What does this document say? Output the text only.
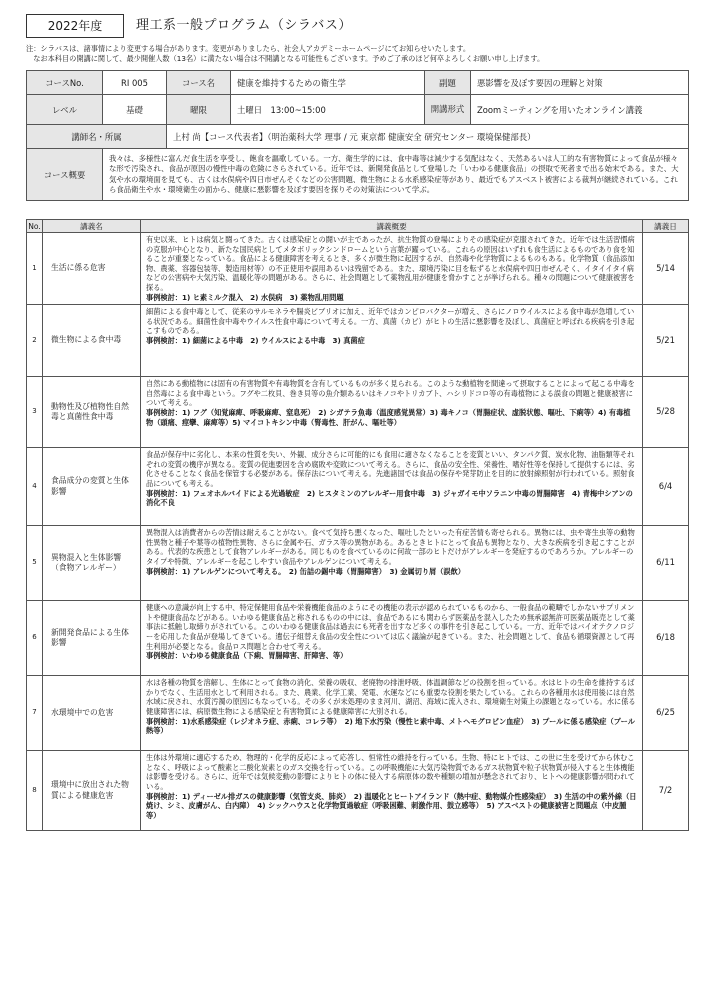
2022年度	理工系一般プログラム（シラバス）
注：シラバスは、諸事情により変更する場合があります。変更がありましたら、社会人アカデミーホームページにてお知らせいたします。
　なお本科目の開講に関して、最少開催人数（13名）に満たない場合は不開講となる可能性もございます。予めご了承のほど何卒よろしくお願い申し上げます。
コースNo.	RI 005	コース名	健康を維持するための衛生学	副題	悪影響を及ぼす要因の理解と対策
レベル	基礎	曜限	土曜日　13:00~15:00	開講形式	Zoomミーティングを用いたオンライン講義
講師名・所属		上村 尚【コース代表者】（明治薬科大学 理事 / 元 東京都 健康安全 研究センター 環境保健部長）			
コース概要	我々は、多様性に富んだ食生活を享受し、飽食を謳歌している。一方、衛生学的には、食中毒等は減少する気配はなく、天然あるいは人工的な有害物質によって食品が様々な形で汚染され、食品が原因の慢性中毒の危険にさらされている。近年では、新開発食品として登場した「いわゆる健康食品」の摂取で死者まで出る始末である。また、大気や水の環境面を見ても、古くは水俣病や四日市ぜんそくなどの公害問題、微生物による水系感染症等があり、最近でもアスベスト被害による裁判が継続されている。これら食品衛生や水・環境衛生の面から、健康に悪影響を及ぼす要因を探りその対策法について学ぶ。				
No.	講義名	講義概要	講義日
1	生活に係る危害	有史以来、ヒトは病気と闘ってきた。古くは感染症との闘いが主であったが、抗生物質の登場によりその感染症が克服されてきた。近年では生活習慣病の克服が中心となり、新たな国民病としてメタボリックシンドロームという言葉が躍っている。これらの原因はいずれも食生活によるものであり食を知ることが重要となっている。食品による健康障害を考えるとき、多くが微生物に起因するが、自然毒や化学物質によるものもある。化学物質（食品添加物、農薬、容器包装等、製造用材等）の不正使用や誤用あるいは残留である。また、環境汚染に目を転ずると水俣病や四日市ぜんそく、イタイイタイ病などの公害病や大気汚染、温暖化等の問題がある。さらに、社会問題として薬物乱用が健康を脅かすことが挙げられる。種々の問題について健康被害を探る。
事例検討：1) ヒ素ミルク混入　2) 水俣病　3) 薬物乱用問題	5/14
2	微生物による食中毒	細菌による食中毒として、従来のサルモネラや腸炎ビブリオに加え、近年ではカンピロバクターが増え、さらにノロウイルスによる食中毒が急増している状況である。細菌性食中毒やウイルス性食中毒について考える。一方、真菌（カビ）がヒトの生活に悪影響を及ぼし、真菌症と呼ばれる疾病を引き起こすものである。
事例検討：1) 細菌による中毒　2) ウイルスによる中毒　3) 真菌症	5/21
3	動物性及び植物性自然毒と真菌性食中毒	自然にある動植物には固有の有害物質や有毒物質を含有しているものが多く見られる。このような動植物を間違って摂取することによって起こる中毒を自然毒による食中毒という。フグや二枚貝、巻き貝等の魚介類あるいはキノコやトリカブト、ハシリドコロ等の有毒植物による誤食の問題と健康被害について考える。
事例検討：1) フグ（知覚麻痺、呼吸麻痺、窒息死）　2) シガテラ魚毒（温度感覚異常）3) 毒キノコ（胃腸症状、虚脱状態、嘔吐、下痢等）4) 有毒植物（頭痛、痙攣、麻痺等）5) マイコトキシン中毒（腎毒性、肝がん、嘔吐等）	5/28
4	食品成分の変質と生体影響	食品が保存中に劣化し、本来の性質を失い、外観、成分さらに可能的にも食用に適さなくなることを変質といい、タンパク質、炭水化物、油脂類等それぞれの変質の機序が異なる。変質の促進要因を含め腐敗や変敗について考える。さらに、食品の安全性、栄養性、嗜好性等を保持して提供するには、劣化させることなく食品を保管する必要がある。保存法について考える。先進諸国では食品の保存や発芽防止を目的に放射線照射が行われている。照射食品についても考える。
事例検討：1) フェオホルバイドによる光過敏症　2) ヒスタミンのアレルギー用食中毒　3) ジャガイモ中ソラニン中毒の胃腸障害　4) 青梅中シアンの消化不良	6/4
5	異物混入と生体影響（食物アレルギー）	異物混入は消費者からの苦情は耐えることがない。食べて気持ち悪くなった、嘔吐したといった有症苦情も寄せられる。異物には、虫や寄生虫等の動物性異物と種子や葉等の植物性異物、さらに金属や石、ガラス等の異物がある。あるときヒトにとって食品も異物となり、大きな疾病を引き起こすことがある。代表的な疾患として食物アレルギーがある。同じものを食べているのに何故一部のヒトだけがアレルギーを発症するのであろうか。アレルギーのタイプや特徴、アレルギーを起こしやすい食品やアレルゲンについて考える。
事例検討：1) アレルゲンについて考える。　2) 缶詰の錫中毒（胃腸障害）　3) 金属切り屑（誤飲）	6/11
6	新開発食品による生体影響	健康への意識が向上する中、特定保健用食品や栄養機能食品のようにその機能の表示が認められているものから、一般食品の範疇でしかないサプリメントや健康食品などがある。いわゆる健康食品と称されるものの中には、食品であるにも関わらず医薬品を混入したため無承認無許可医薬品販売として薬事法に抵触し取締りがされている。このいわゆる健康食品は過去にも死者を出すなど多くの事件を引き起こしている。一方、近年ではバイオテクノロジーを応用した食品が登場してきている。遺伝子組替え食品の安全性については広く議論が起きている。また、社会問題として、食品も循環資源として再生利用が必要となる。食品ロス問題と合わせて考える。
事例検討：いわゆる健康食品（下痢、胃腸障害、肝障害、等）	6/18
7	水環境中での危害	水は各種の物質を溶解し、生体にとって食物の消化、栄養の吸収、老廃物の排泄呼吸、体温調節などの役割を担っている。水はヒトの生命を維持するばかりでなく、生活用水として利用される。また、農業、化学工業、発電、水運などにも重要な役割を果たしている。これらの各種用水は使用後には自然水域に戻され、水質汚濁の原因にもなっている。その多くが未処理のまま河川、湖沼、海域に流入され、環境衛生対策上の課題となっている。水に係る健康障害には、病原微生物による感染症と有害物質による健康障害に大別される。
事例検討：1)水系感染症（レジオネラ症、赤痢、コレラ等）　2) 地下水汚染（慢性ヒ素中毒、メトヘモグロビン血症）　3) プールに係る感染症（プール熱等）	6/25
8	環境中に放出された物質による健康危害	生体は外環境に適応するため、物理的・化学的反応によって応答し、恒常性の維持を行っている。生物、特にヒトでは、この世に生を受けてから休むことなく、呼吸によって酸素と二酸化炭素とのガス交換を行っている。この呼吸機能に大気汚染物質であるガス状物質や粒子状物質が侵入すると生体機能は影響を受ける。さらに、近年では気候変動の影響によりヒトの体に侵入する病原体の数や種類の増加が懸念されており、ヒトへの健康影響が問われている。
事例検討：1) ディーゼル排ガスの健康影響（気管支炎、肺炎）　2) 温暖化とヒートアイランド（熱中症、動物媒介性感染症）　3) 生活の中の紫外線（日焼け、シミ、皮膚がん、白内障）　4) シックハウスと化学物質過敏症（呼吸困難、刺激作用、鼓立感等）　5) アスベストの健康被害と問題点（中皮腫等）	7/2
